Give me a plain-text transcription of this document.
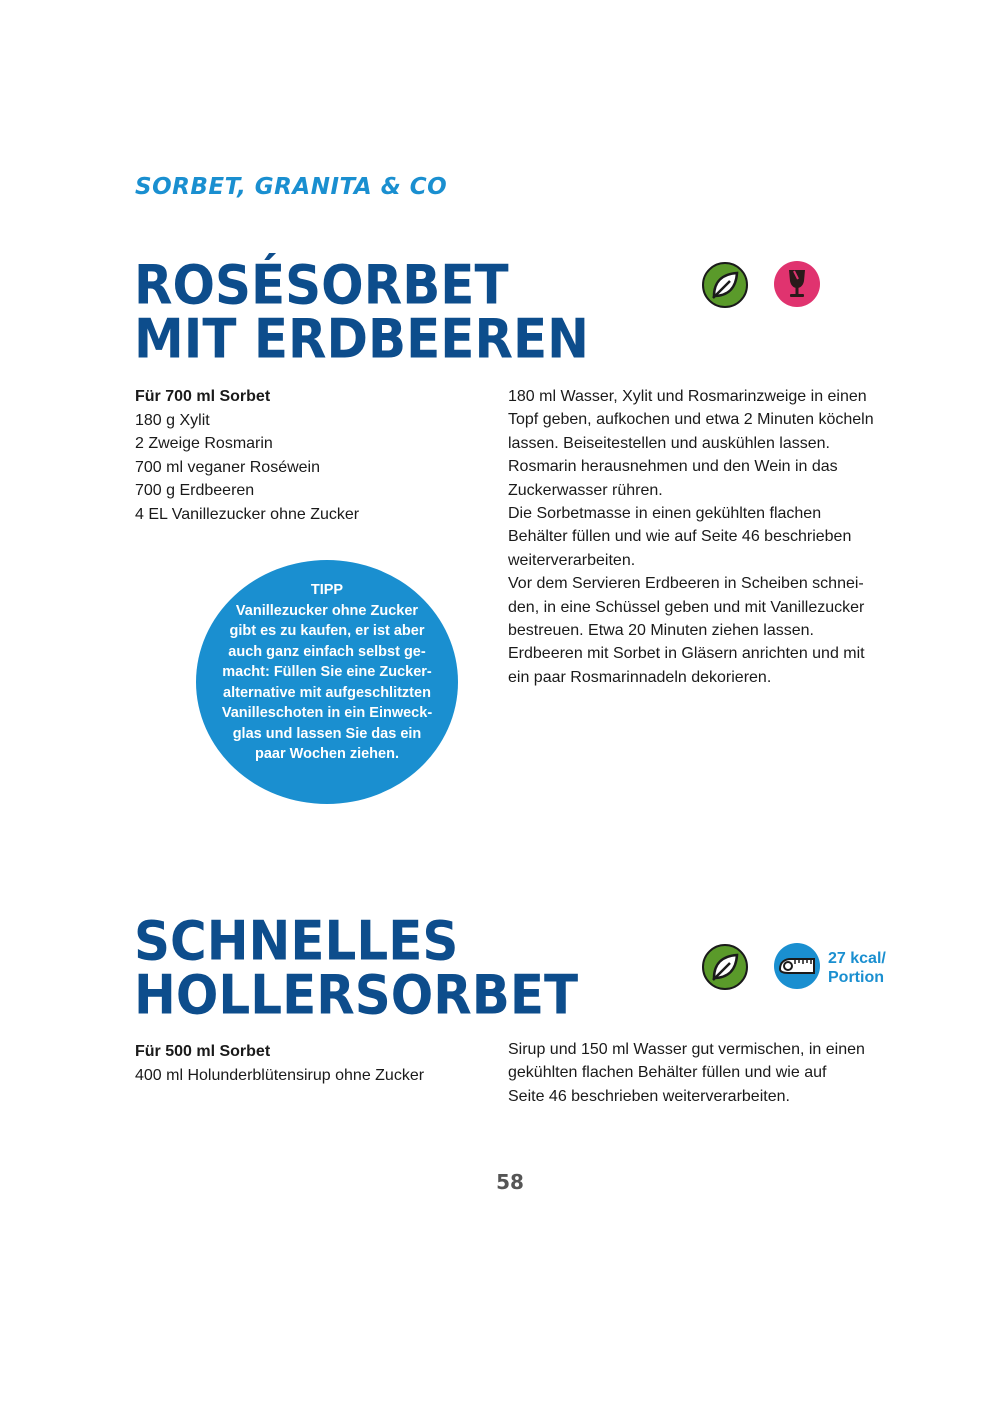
SORBET, GRANITA & CO
ROSÉSORBET
MIT ERDBEEREN
Für 700 ml Sorbet
180 g Xylit
2 Zweige Rosmarin
700 ml veganer Roséwein
700 g Erdbeeren
4 EL Vanillezucker ohne Zucker

180 ml Wasser, Xylit und Rosmarinzweige in einen

Topf geben, aufkochen und etwa 2 Minuten köcheln

lassen. Beiseitestellen und auskühlen lassen.

Rosmarin herausnehmen und den Wein in das

Zuckerwasser rühren.

Die Sorbetmasse in einen gekühlten flachen

Behälter füllen und wie auf Seite 46 beschrieben

weiterverarbeiten.

Vor dem Servieren Erdbeeren in Scheiben schnei-

den, in eine Schüssel geben und mit Vanillezucker

bestreuen. Etwa 20 Minuten ziehen lassen.

Erdbeeren mit Sorbet in Gläsern anrichten und mit

ein paar Rosmarinnadeln dekorieren.

TIPP
Vanillezucker ohne Zucker
gibt es zu kaufen, er ist aber
auch ganz einfach selbst ge-
macht: Füllen Sie eine Zucker-
alternative mit aufgeschlitzten
Vanilleschoten in ein Einweck-
glas und lassen Sie das ein
paar Wochen ziehen.
SCHNELLES
HOLLERSORBET
27 kcal/
Portion
Für 500 ml Sorbet
400 ml Holunderblütensirup ohne Zucker

Sirup und 150 ml Wasser gut vermischen, in einen

gekühlten flachen Behälter füllen und wie auf

Seite 46 beschrieben weiterverarbeiten.

58
